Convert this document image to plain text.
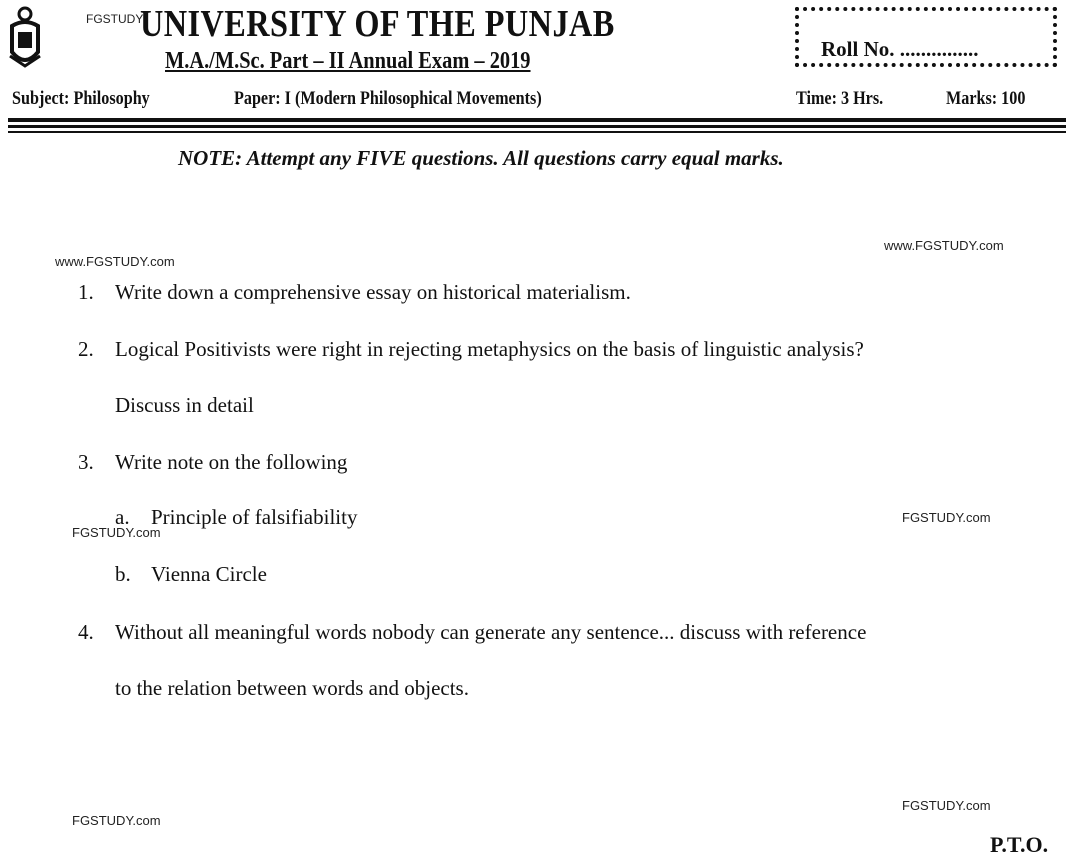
FGSTUDY
UNIVERSITY OF THE PUNJAB
M.A./M.Sc. Part – II Annual Exam – 2019	Roll No. ...............
Subject: Philosophy	Paper: I (Modern Philosophical Movements)	Time: 3 Hrs.	Marks: 100
NOTE: Attempt any FIVE questions. All questions carry equal marks.
www.FGSTUDY.com
www.FGSTUDY.com
FGSTUDY.com
FGSTUDY.com
FGSTUDY.com
FGSTUDY.com
1. Write down a comprehensive essay on historical materialism.
2. Logical Positivists were right in rejecting metaphysics on the basis of linguistic analysis?
Discuss in detail
3. Write note on the following
a. Principle of falsifiability
b. Vienna Circle
4. Without all meaningful words nobody can generate any sentence... discuss with reference
to the relation between words and objects.
P.T.O.
